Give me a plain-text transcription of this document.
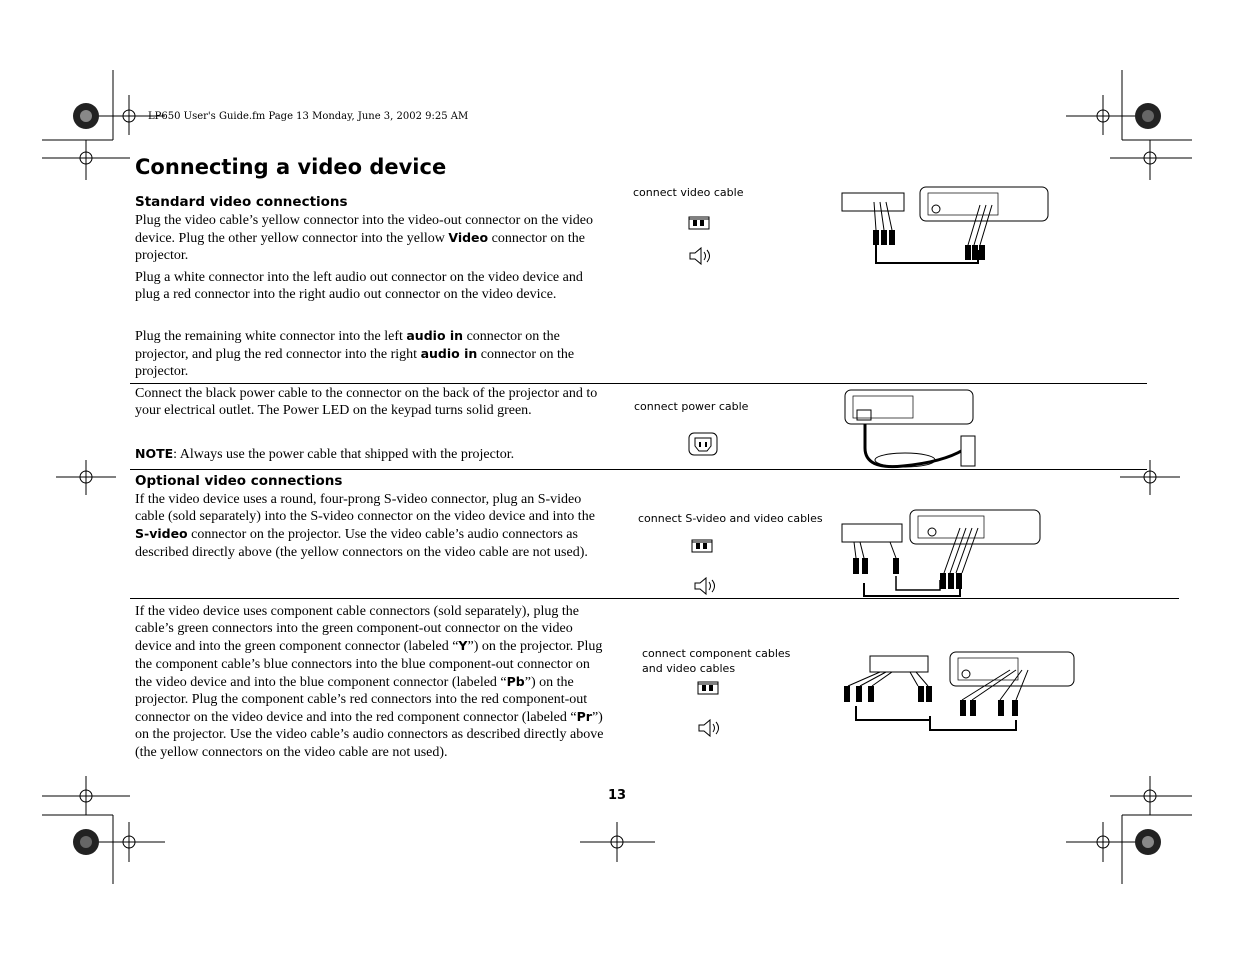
LP650 User's Guide.fm Page 13 Monday, June 3, 2002 9:25 AM
Connecting a video device
Standard video connections
Plug the video cable’s yellow connector into the video-out connector on the video device. Plug the other yellow connector into the yellow Video connector on the projector.
Plug a white connector into the left audio out connector on the video device and plug a red connector into the right audio out connector on the video device.
Plug the remaining white connector into the left audio in connector on the projector, and plug the red connector into the right audio in connector on the projector.
connect video cable
Connect the black power cable to the connector on the back of the projector and to your electrical outlet. The Power LED on the keypad turns solid green.
NOTE: Always use the power cable that shipped with the projector.
connect power cable
Optional video connections
If the video device uses a round, four-prong S-video connector, plug an S-video cable (sold separately) into the S-video connector on the video device and into the S-video connector on the projector. Use the video cable’s audio connectors as described directly above (the yellow connectors on the video cable are not used).
connect S-video and video cables
If the video device uses component cable connectors (sold separately), plug the cable’s green connectors into the green component-out connector on the video device and into the green component connector (labeled “Y”) on the projector. Plug the component cable’s blue connectors into the blue component-out connector on the video device and into the blue component connector (labeled “Pb”) on the projector. Plug the component cable’s red connectors into the red component-out connector on the video device and into the red component connector (labeled “Pr”) on the projector. Use the video cable’s audio connectors as described directly above (the yellow connectors on the video cable are not used).
connect component cables
and video cables
13
